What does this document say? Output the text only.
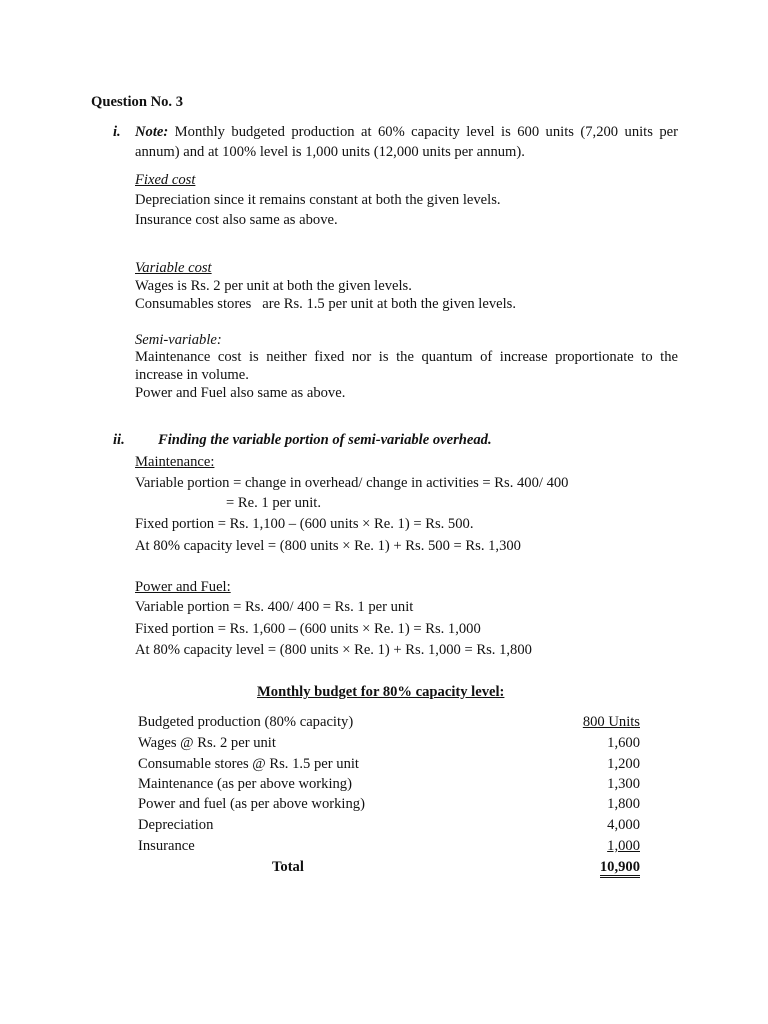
Question No. 3
i. Note: Monthly budgeted production at 60% capacity level is 600 units (7,200 units per
annum) and at 100% level is 1,000 units (12,000 units per annum).
Fixed cost
Depreciation since it remains constant at both the given levels.
Insurance cost also same as above.
Variable cost
Wages is Rs. 2 per unit at both the given levels.
Consumables stores   are Rs. 1.5 per unit at both the given levels.
Semi-variable:
Maintenance cost is neither fixed nor is the quantum of increase proportionate to the
increase in volume.
Power and Fuel also same as above.
ii. Finding the variable portion of semi-variable overhead.
Maintenance:
Variable portion = change in overhead/ change in activities = Rs. 400/ 400
= Re. 1 per unit.
Fixed portion = Rs. 1,100 – (600 units × Re. 1) = Rs. 500.
At 80% capacity level = (800 units × Re. 1) + Rs. 500 = Rs. 1,300
Power and Fuel:
Variable portion = Rs. 400/ 400 = Rs. 1 per unit
Fixed portion = Rs. 1,600 – (600 units × Re. 1) = Rs. 1,000
At 80% capacity level = (800 units × Re. 1) + Rs. 1,000 = Rs. 1,800
Monthly budget for 80% capacity level:
Budgeted production (80% capacity)	800 Units
Wages @ Rs. 2 per unit	1,600
Consumable stores @ Rs. 1.5 per unit	1,200
Maintenance (as per above working)	1,300
Power and fuel (as per above working)	1,800
Depreciation	4,000
Insurance	1,000
Total	10,900
